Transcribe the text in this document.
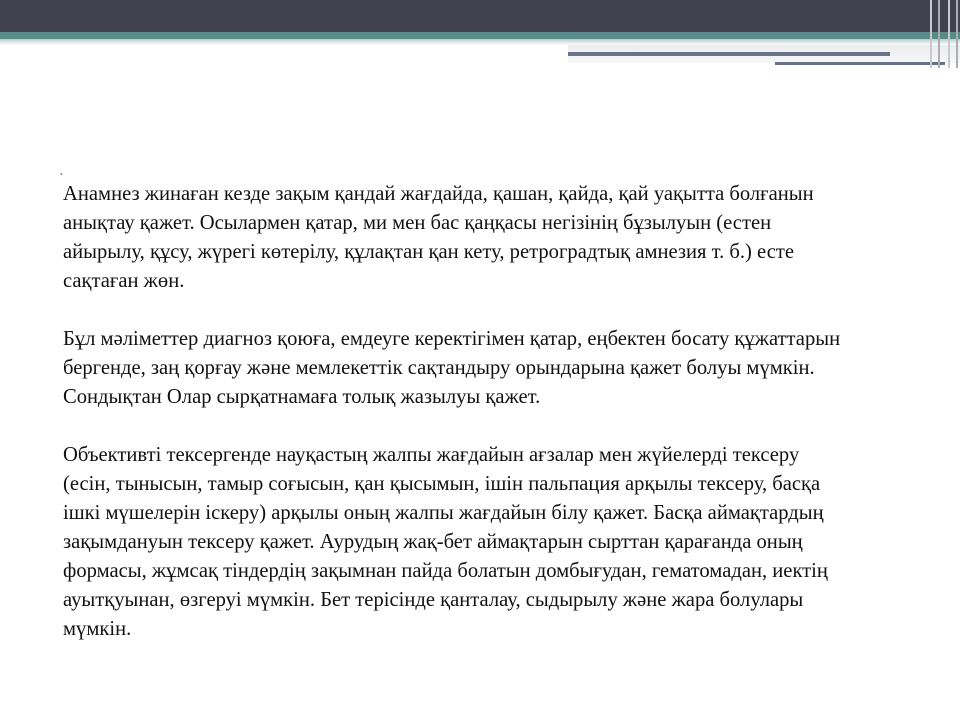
•

Анамнез жинаған кезде зақым қандай жағдайда, қашан, қайда, қай уақытта болғанын
анықтау қажет. Осылармен қатар, ми мен бас қаңқасы негізінің бұзылуын (естен
айырылу, құсу, жүрегі көтерілу, құлақтан қан кету, ретроградтық амнезия т. б.) есте
сақтаған жөн.

Бұл мәліметтер диагноз қоюға, емдеуге керектігімен қатар, еңбектен босату құжаттарын
бергенде, заң қорғау және мемлекеттік сақтандыру орындарына қажет болуы мүмкін.
Сондықтан Олар сырқатнамаға толық жазылуы қажет.

Объективті тексергенде науқастың жалпы жағдайын ағзалар мен жүйелерді тексеру
(есін, тынысын, тамыр соғысын, қан қысымын, ішін пальпация арқылы тексеру, басқа
ішкі мүшелерін іскеру) арқылы оның жалпы жағдайын білу қажет. Басқа аймақтардың
зақымдануын тексеру қажет. Аурудың жақ-бет аймақтарын сырттан қарағанда оның
формасы, жұмсақ тіндердің зақымнан пайда болатын домбығудан, гематомадан, иектің
ауытқуынан, өзгеруі мүмкін. Бет терісінде қанталау, сыдырылу және жара болулары
мүмкін.
